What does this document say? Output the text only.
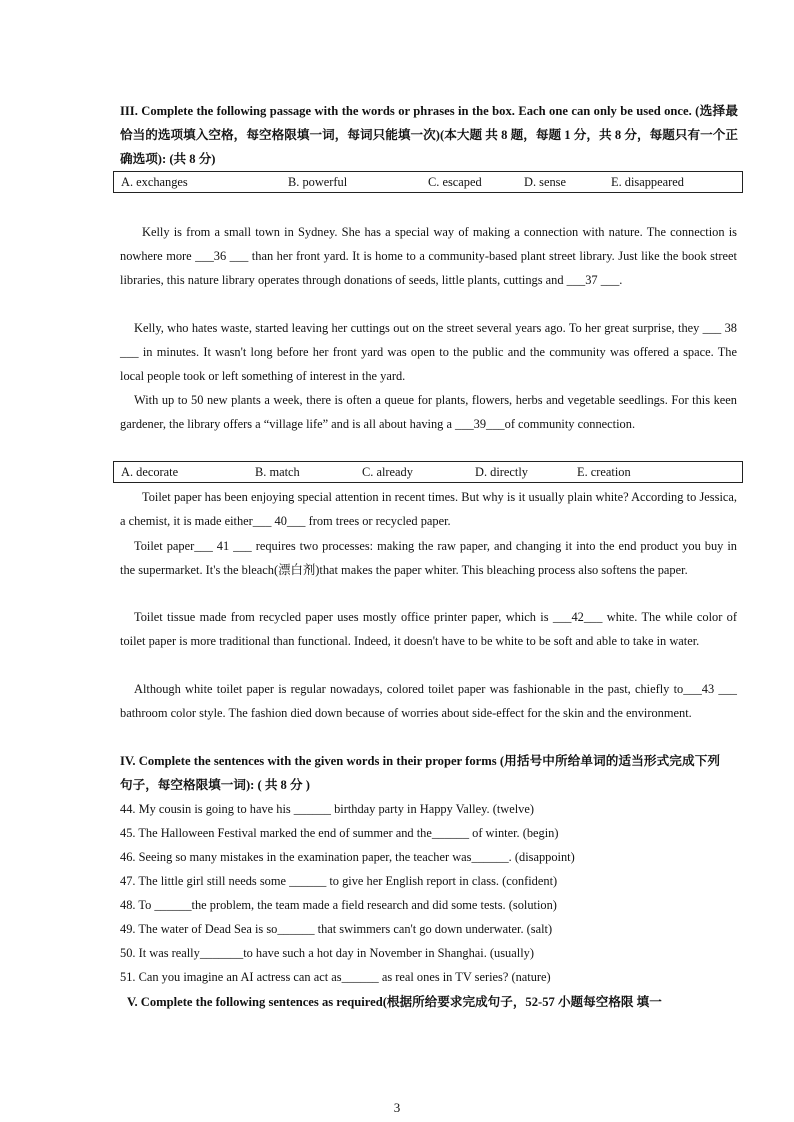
III. Complete the following passage with the words or phrases in the box. Each one can only be used once. (选择最恰当的选项填入空格，每空格限填一词，每词只能填一次)(本大题 共 8 题，每题 1 分，共 8 分，每题只有一个正确选项): (共 8 分)
A. exchanges	B. powerful	C. escaped	D. sense	E. disappeared
Kelly is from a small town in Sydney. She has a special way of making a connection with nature. The connection is nowhere more ___36 ___ than her front yard. It is home to a community-based plant street library. Just like the book street libraries, this nature library operates through donations of seeds, little plants, cuttings and ___37 ___.
Kelly, who hates waste, started leaving her cuttings out on the street several years ago. To her great surprise, they ___ 38 ___ in minutes. It wasn't long before her front yard was open to the public and the community was offered a space. The local people took or left something of interest in the yard.
With up to 50 new plants a week, there is often a queue for plants, flowers, herbs and vegetable seedlings. For this keen gardener, the library offers a “village life” and is all about having a ___39___of community connection.
A. decorate	B. match	C. already	D. directly	E. creation
Toilet paper has been enjoying special attention in recent times. But why is it usually plain white? According to Jessica, a chemist, it is made either___ 40___ from trees or recycled paper.
Toilet paper___ 41 ___ requires two processes: making the raw paper, and changing it into the end product you buy in the supermarket. It's the bleach(漂白剂)that makes the paper whiter. This bleaching process also softens the paper.
Toilet tissue made from recycled paper uses mostly office printer paper, which is ___42___ white. The while color of toilet paper is more traditional than functional. Indeed, it doesn't have to be white to be soft and able to take in water.
Although white toilet paper is regular nowadays, colored toilet paper was fashionable in the past, chiefly to___43 ___ bathroom color style. The fashion died down because of worries about side-effect for the skin and the environment.
IV. Complete the sentences with the given words in their proper forms (用括号中所给单词的适当形式完成下列句子，每空格限填一词): ( 共 8 分 )
44. My cousin is going to have his ______ birthday party in Happy Valley. (twelve)
45. The Halloween Festival marked the end of summer and the______ of winter. (begin)
46. Seeing so many mistakes in the examination paper, the teacher was______. (disappoint)
47. The little girl still needs some ______ to give her English report in class. (confident)
48. To ______the problem, the team made a field research and did some tests. (solution)
49. The water of Dead Sea is so______ that swimmers can't go down underwater. (salt)
50. It was really_______to have such a hot day in November in Shanghai. (usually)
51. Can you imagine an AI actress can act as______ as real ones in TV series? (nature)
V. Complete the following sentences as required(根据所给要求完成句子，52-57 小题每空格限 填一
3
